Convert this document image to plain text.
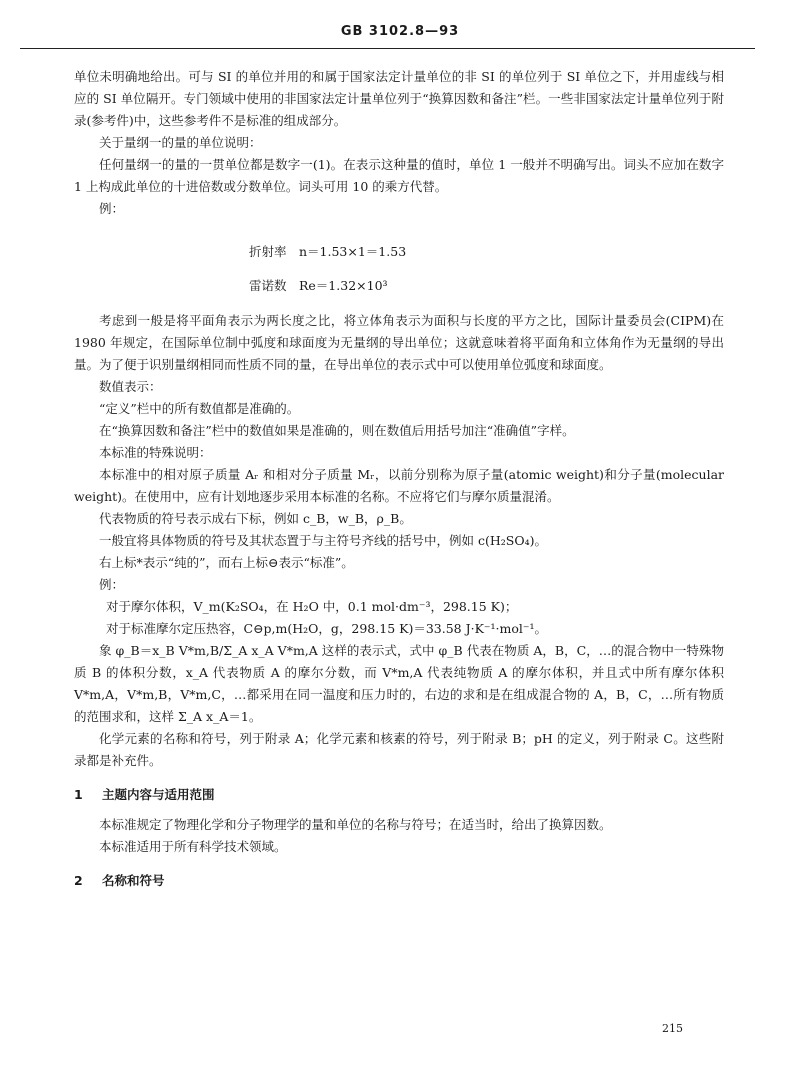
GB 3102.8—93

单位未明确地给出。可与 SI 的单位并用的和属于国家法定计量单位的非 SI 的单位列于 SI 单位之下，并用虚线与相应的 SI 单位隔开。专门领域中使用的非国家法定计量单位列于“换算因数和备注”栏。一些非国家法定计量单位列于附录(参考件)中，这些参考件不是标准的组成部分。

关于量纲一的量的单位说明：

任何量纲一的量的一贯单位都是数字一(1)。在表示这种量的值时，单位 1 一般并不明确写出。词头不应加在数字 1 上构成此单位的十进倍数或分数单位。词头可用 10 的乘方代替。

例：

折射率　n＝1.53×1＝1.53

雷诺数　Re＝1.32×10³

考虑到一般是将平面角表示为两长度之比，将立体角表示为面积与长度的平方之比，国际计量委员会(CIPM)在 1980 年规定，在国际单位制中弧度和球面度为无量纲的导出单位；这就意味着将平面角和立体角作为无量纲的导出量。为了便于识别量纲相同而性质不同的量，在导出单位的表示式中可以使用单位弧度和球面度。

数值表示：

“定义”栏中的所有数值都是准确的。

在“换算因数和备注”栏中的数值如果是准确的，则在数值后用括号加注“准确值”字样。

本标准的特殊说明：

本标准中的相对原子质量 Aᵣ 和相对分子质量 Mᵣ，以前分别称为原子量(atomic weight)和分子量(molecular weight)。在使用中，应有计划地逐步采用本标准的名称。不应将它们与摩尔质量混淆。

代表物质的符号表示成右下标，例如 c_B，w_B，ρ_B。

一般宜将具体物质的符号及其状态置于与主符号齐线的括号中，例如 c(H₂SO₄)。

右上标*表示“纯的”，而右上标⊖表示“标准”。

例：

对于摩尔体积，V_m(K₂SO₄，在 H₂O 中，0.1 mol·dm⁻³，298.15 K)；

对于标准摩尔定压热容，C⊖p,m(H₂O，g，298.15 K)＝33.58 J·K⁻¹·mol⁻¹。

象 φ_B＝x_B V*m,B/Σ_A x_A V*m,A 这样的表示式，式中 φ_B 代表在物质 A，B，C，…的混合物中一特殊物质 B 的体积分数，x_A 代表物质 A 的摩尔分数，而 V*m,A 代表纯物质 A 的摩尔体积，并且式中所有摩尔体积 V*m,A，V*m,B，V*m,C，…都采用在同一温度和压力时的，右边的求和是在组成混合物的 A，B，C，…所有物质的范围求和，这样 Σ_A x_A＝1。

化学元素的名称和符号，列于附录 A；化学元素和核素的符号，列于附录 B；pH 的定义，列于附录 C。这些附录都是补充件。

1 主题内容与适用范围

本标准规定了物理化学和分子物理学的量和单位的名称与符号；在适当时，给出了换算因数。

本标准适用于所有科学技术领域。

2 名称和符号

215
